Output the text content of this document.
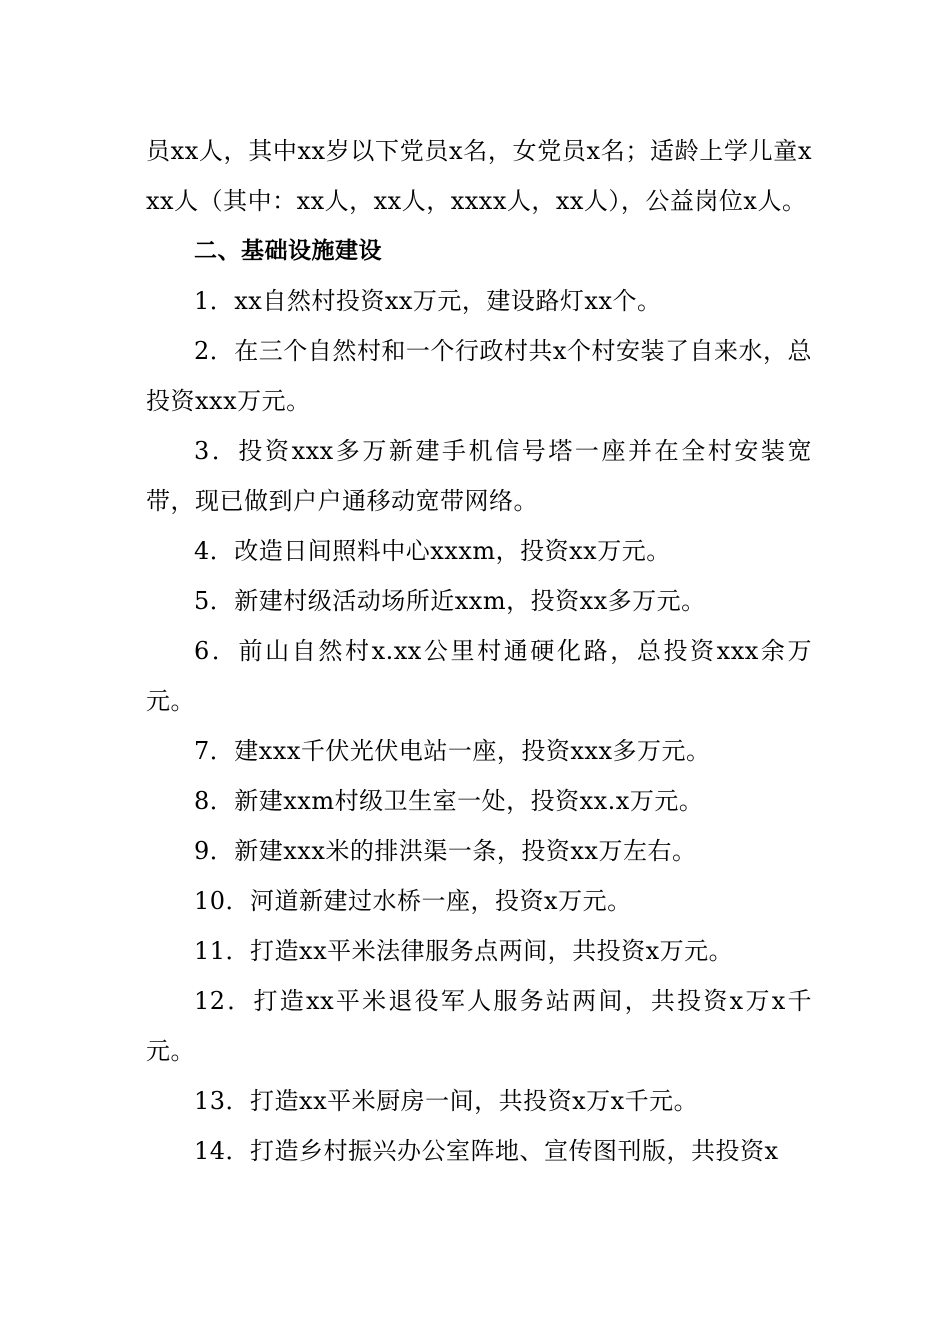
员xx人，其中xx岁以下党员x名，女党员x名；适龄上学儿童xxx人（其中：xx人，xx人，xxxx人，xx人），公益岗位x人。

二、基础设施建设

1．xx自然村投资xx万元，建设路灯xx个。

2．在三个自然村和一个行政村共x个村安装了自来水，总投资xxx万元。

3．投资xxx多万新建手机信号塔一座并在全村安装宽带，现已做到户户通移动宽带网络。

4．改造日间照料中心xxxm，投资xx万元。

5．新建村级活动场所近xxm，投资xx多万元。

6．前山自然村x.xx公里村通硬化路，总投资xxx余万元。

7．建xxx千伏光伏电站一座，投资xxx多万元。

8．新建xxm村级卫生室一处，投资xx.x万元。

9．新建xxx米的排洪渠一条，投资xx万左右。

10．河道新建过水桥一座，投资x万元。

11．打造xx平米法律服务点两间，共投资x万元。

12．打造xx平米退役军人服务站两间，共投资x万x千元。

13．打造xx平米厨房一间，共投资x万x千元。

14．打造乡村振兴办公室阵地、宣传图刊版，共投资x
